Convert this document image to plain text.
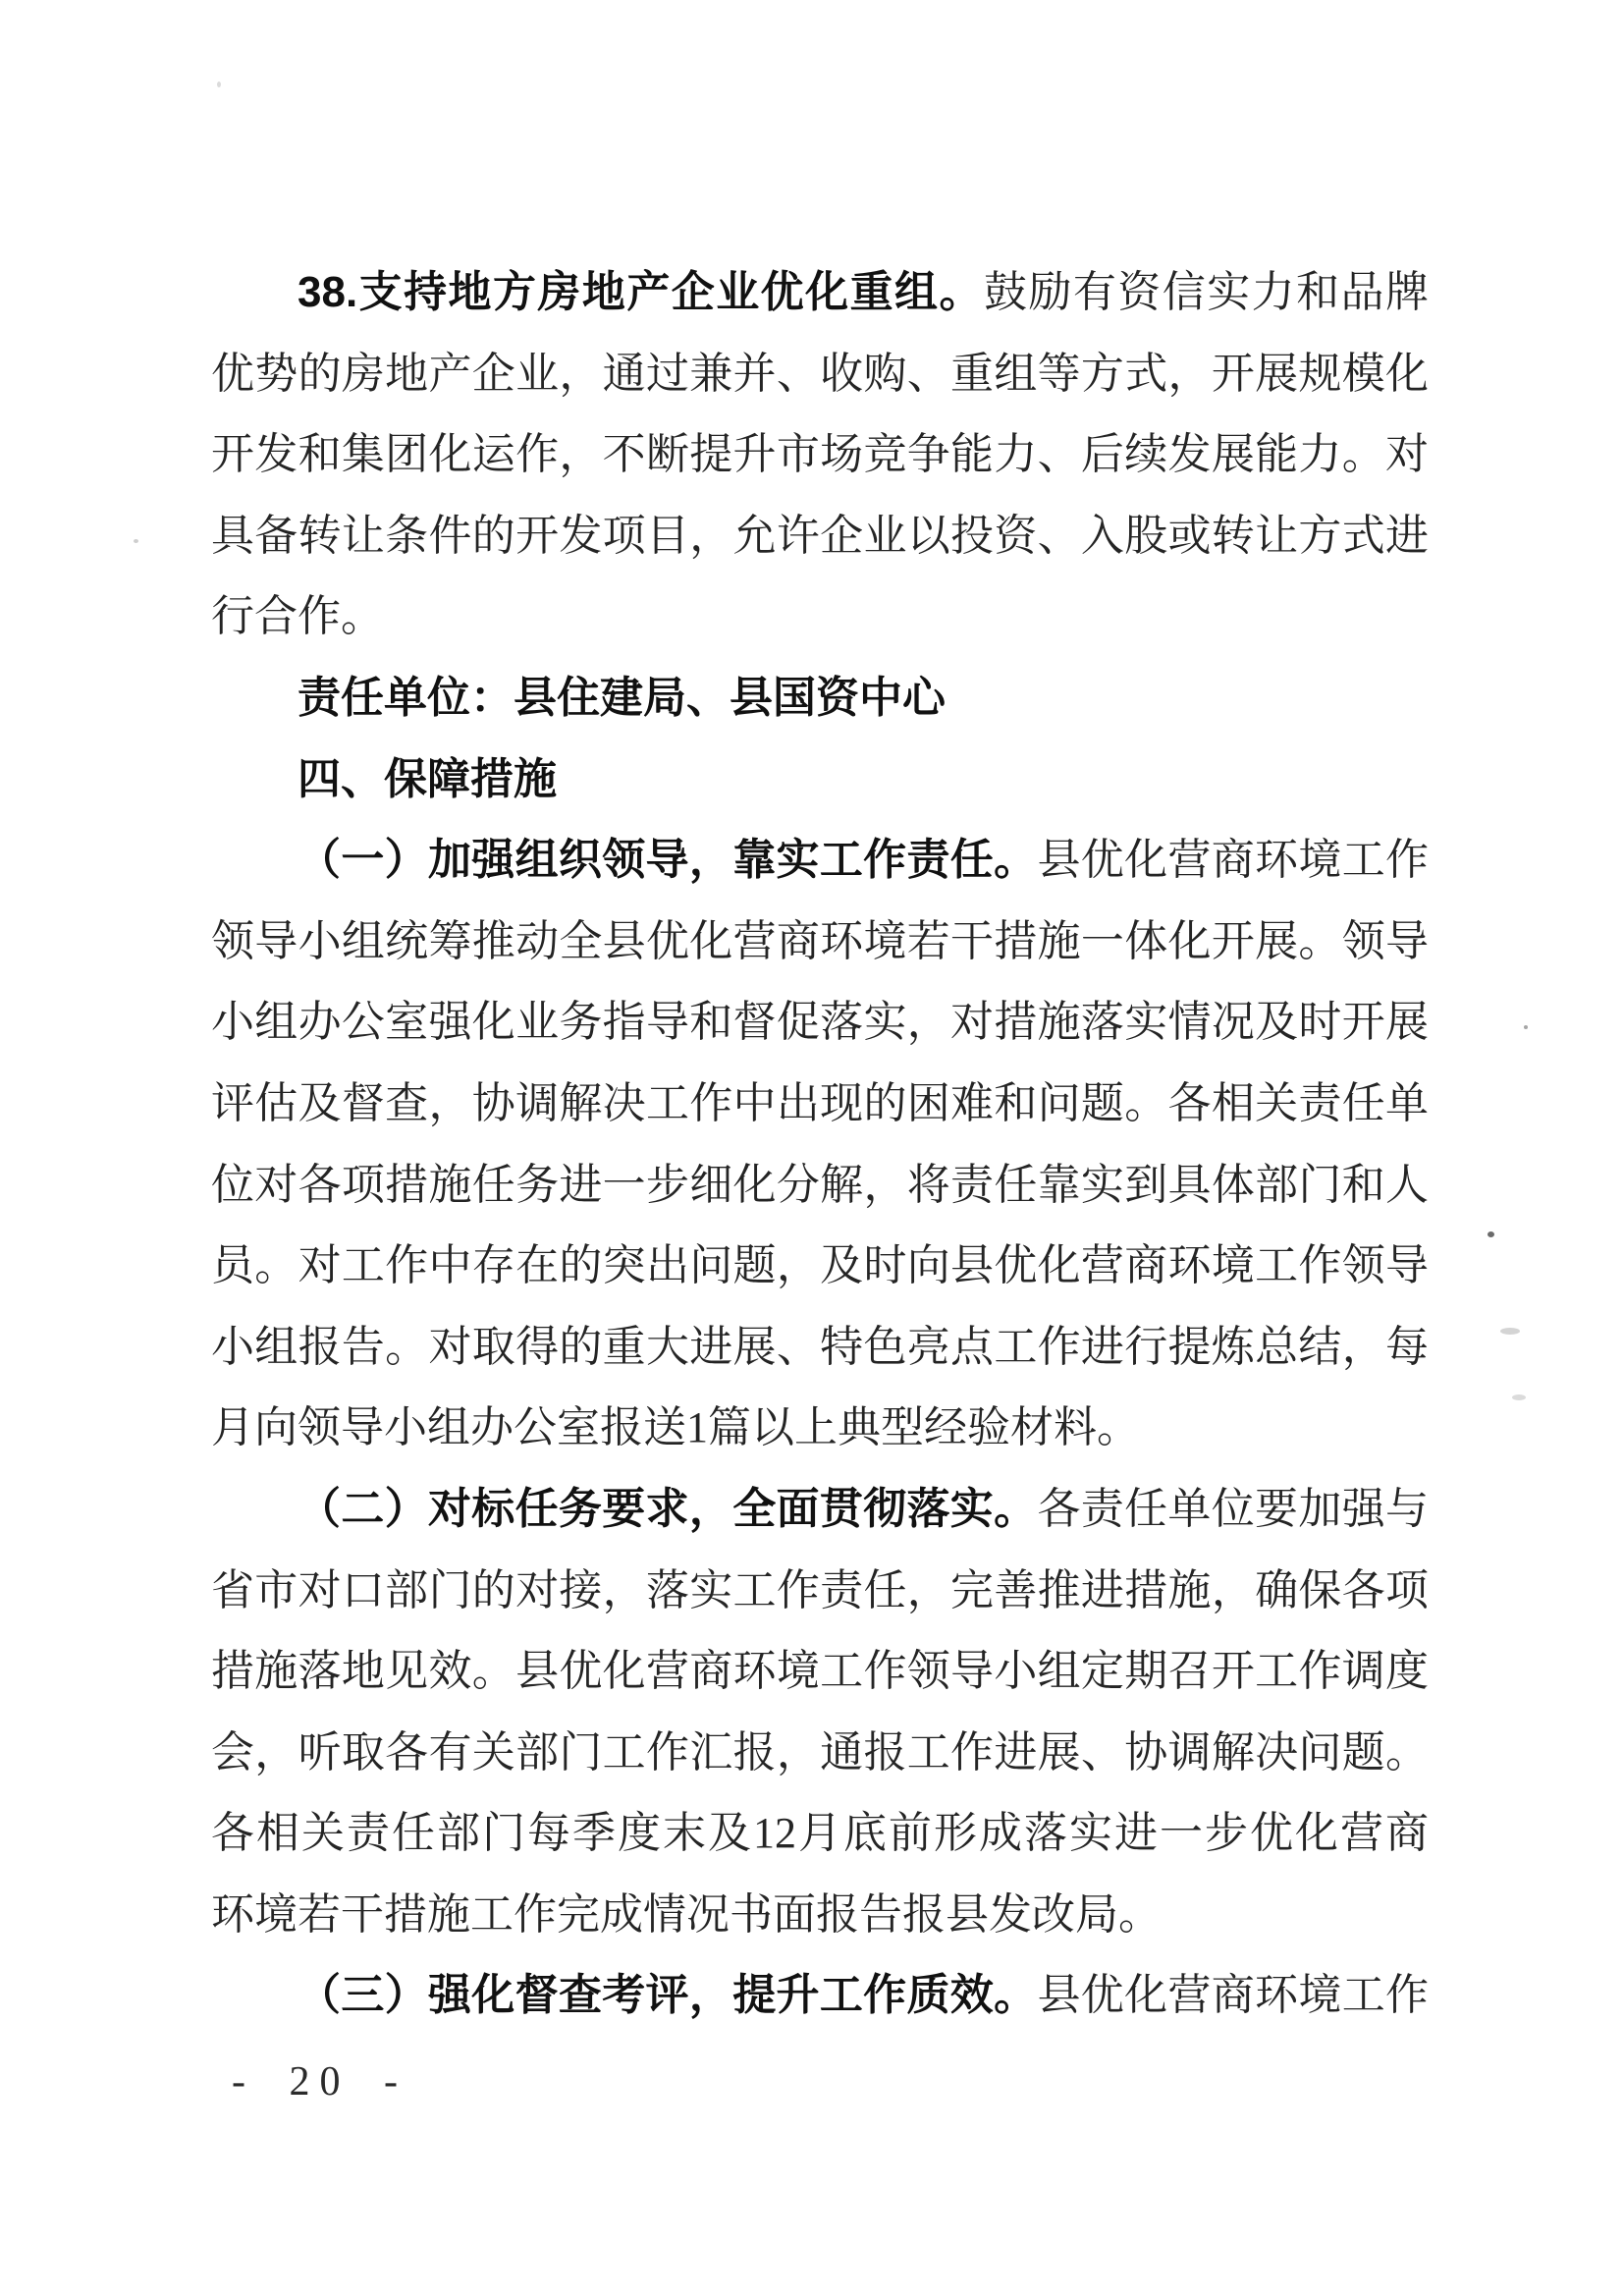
38.支持地方房地产企业优化重组。鼓励有资信实力和品牌
优势的房地产企业，通过兼并、收购、重组等方式，开展规模化
开发和集团化运作，不断提升市场竞争能力、后续发展能力。对
具备转让条件的开发项目，允许企业以投资、入股或转让方式进
行合作。
责任单位：县住建局、县国资中心
四、保障措施
（一）加强组织领导，靠实工作责任。县优化营商环境工作
领导小组统筹推动全县优化营商环境若干措施一体化开展。领导
小组办公室强化业务指导和督促落实，对措施落实情况及时开展
评估及督查，协调解决工作中出现的困难和问题。各相关责任单
位对各项措施任务进一步细化分解，将责任靠实到具体部门和人
员。对工作中存在的突出问题，及时向县优化营商环境工作领导
小组报告。对取得的重大进展、特色亮点工作进行提炼总结，每
月向领导小组办公室报送1篇以上典型经验材料。
（二）对标任务要求，全面贯彻落实。各责任单位要加强与
省市对口部门的对接，落实工作责任，完善推进措施，确保各项
措施落地见效。县优化营商环境工作领导小组定期召开工作调度
会，听取各有关部门工作汇报，通报工作进展、协调解决问题。
各相关责任部门每季度末及12月底前形成落实进一步优化营商
环境若干措施工作完成情况书面报告报县发改局。
（三）强化督查考评，提升工作质效。县优化营商环境工作
- 20 -
